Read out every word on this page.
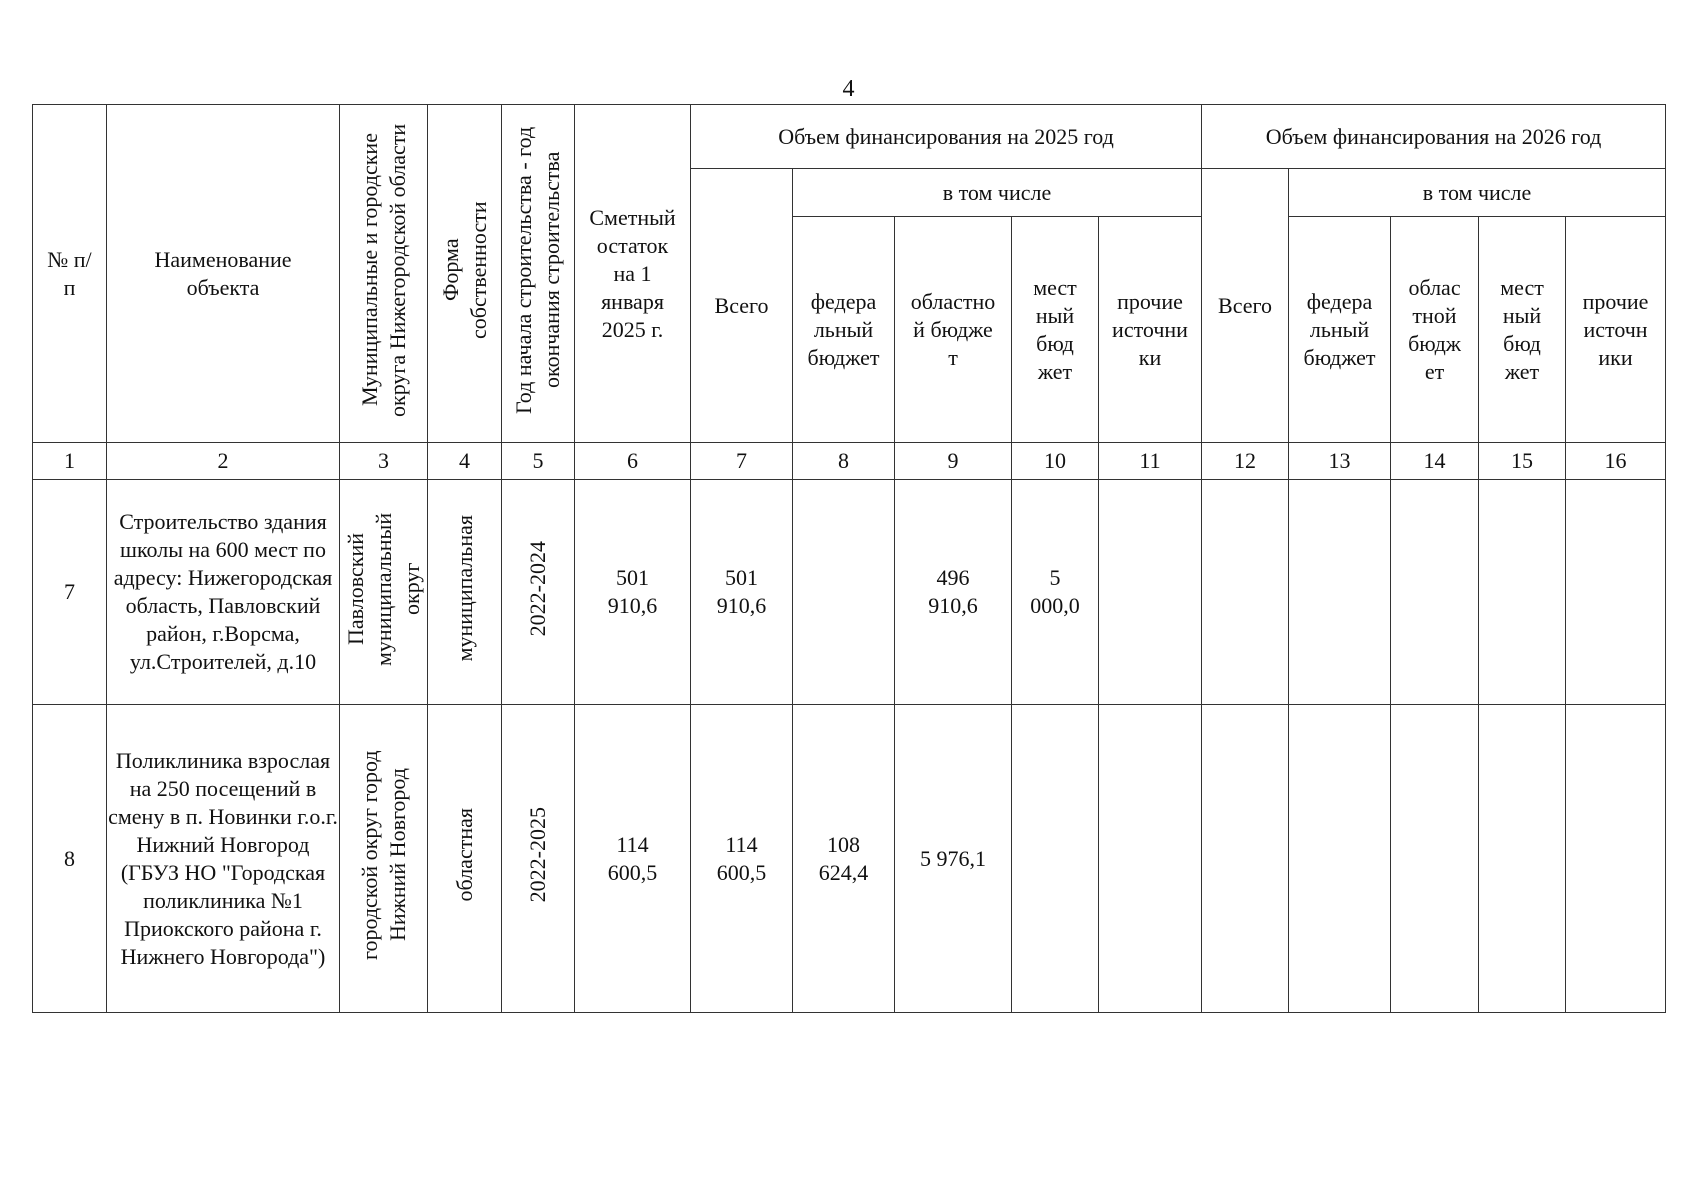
4
№ п/п	Наименование объекта	Муниципальные и городские округа Нижегородской области	Форма собственности	Год начала строительства - год окончания строительства	Сметный остаток на 1 января 2025 г.	Объем финансирования на 2025 год					Объем финансирования на 2026 год				
						Всего	в том числе				Всего	в том числе			

							федеральный бюджет	областной бюджет	местный бюджет	прочие источники		федеральный бюджет	областной бюджет	местный бюджет	прочие источники

1	2	3	4	5	6	7	8	9	10	11	12	13	14	15	16
7	Строительство здания школы на 600 мест по адресу: Нижегородская область, Павловский район, г.Ворсма, ул.Строителей, д.10	Павловский муниципальный округ	муниципальная	2022-2024	501 910,6	501 910,6		496 910,6	5 000,0						

8	Поликлиника взрослая на 250 посещений в смену в п. Новинки г.о.г. Нижний Новгород (ГБУЗ НО "Городская поликлиника №1 Приокского района г. Нижнего Новгорода")	городской округ город Нижний Новгород	областная	2022-2025	114 600,5	114 600,5	108 624,4	5 976,1							
